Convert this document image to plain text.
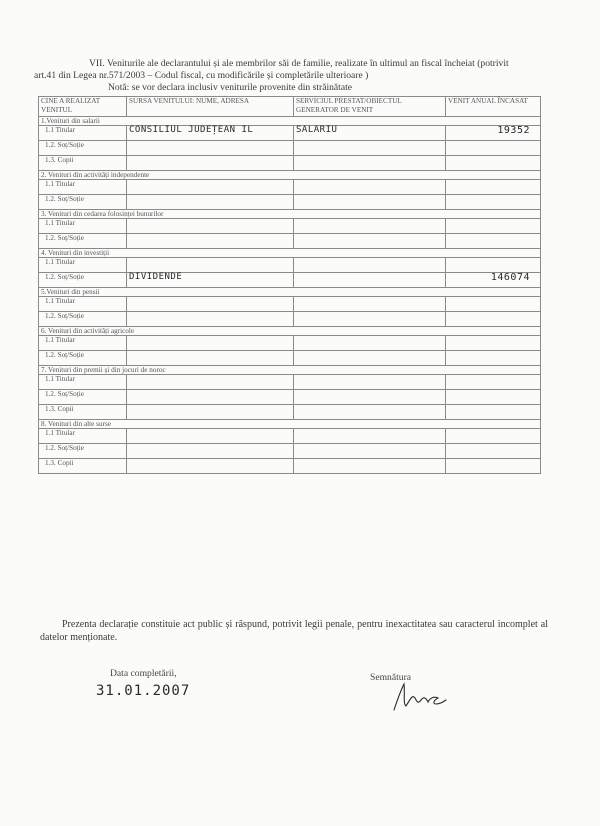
VII. Veniturile ale declarantului și ale membrilor săi de familie, realizate în ultimul an fiscal încheiat (potrivit
art.41 din Legea nr.571/2003 – Codul fiscal, cu modificările și completările ulterioare )
Notă: se vor declara inclusiv veniturile provenite din străinătate
CINE A REALIZAT VENITUL	SURSA VENITULUI: NUME, ADRESA	SERVICIUL PRESTAT/OBIECTUL GENERATOR DE VENIT	VENIT ANUAL ÎNCASAT
1.Venituri din salarii			
1.1 Titular	CONSILIUL JUDEȚEAN IL	SALARIU	19352

1.2. Soț/Soție			

1.3. Copii			

2. Venituri din activități independente			
1.1 Titular			

1.2. Soț/Soție			

3. Venituri din cedarea folosinței bunurilor			
1.1 Titular			

1.2. Soț/Soție			

4. Venituri din investiții			
1.1 Titular			

1.2. Soț/Soție	DIVIDENDE		146074

5.Venituri din pensii			
1.1 Titular			

1.2. Soț/Soție			

6. Venituri din activități agricole			
1.1 Titular			

1.2. Soț/Soție			

7. Venituri din premii și din jocuri de noroc			
1.1 Titular			

1.2. Soț/Soție			

1.3. Copii			

8. Venituri din alte surse			
1.1 Titular			

1.2. Soț/Soție			

1.3. Copii			
Prezenta declarație constituie act public și răspund, potrivit legii penale, pentru inexactitatea sau caracterul incomplet al datelor menționate.
Data completării,
31.01.2007
Semnătura
